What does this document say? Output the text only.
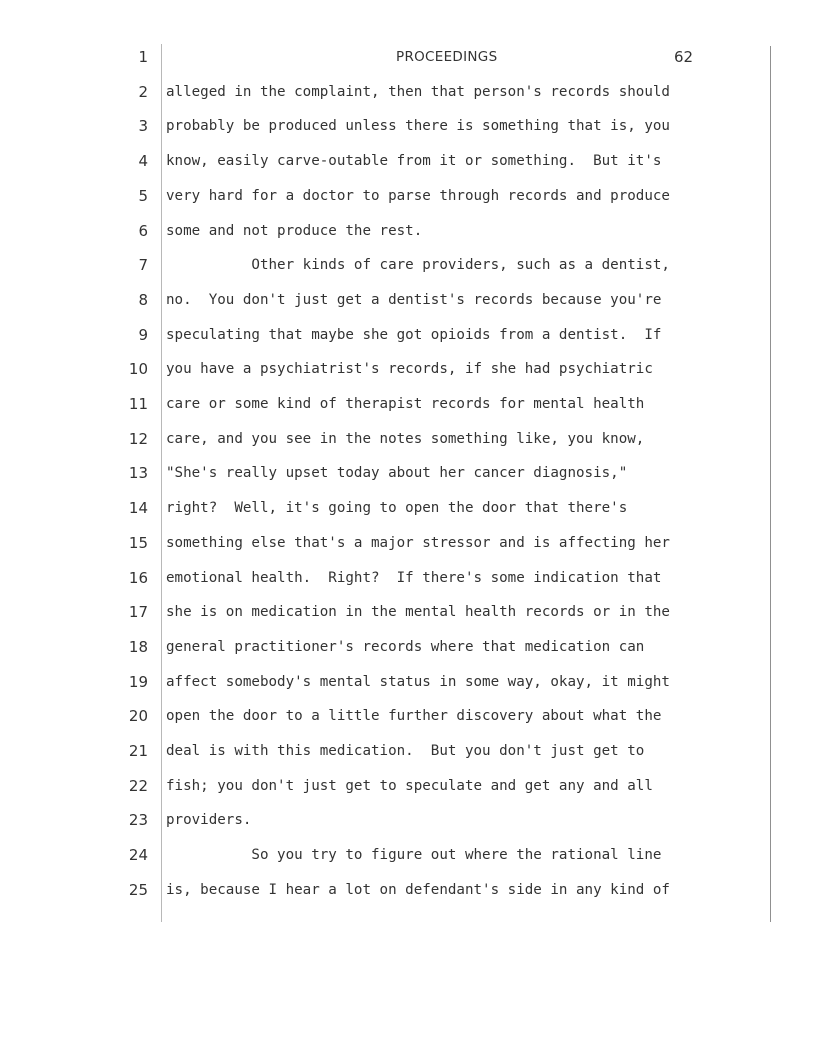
1	PROCEEDINGS	62
2 alleged in the complaint, then that person's records should
3 probably be produced unless there is something that is, you
4 know, easily carve-outable from it or something.  But it's
5 very hard for a doctor to parse through records and produce
6 some and not produce the rest.
7 Other kinds of care providers, such as a dentist,
8 no.  You don't just get a dentist's records because you're
9 speculating that maybe she got opioids from a dentist.  If
10 you have a psychiatrist's records, if she had psychiatric
11 care or some kind of therapist records for mental health
12 care, and you see in the notes something like, you know,
13 "She's really upset today about her cancer diagnosis,"
14 right?  Well, it's going to open the door that there's
15 something else that's a major stressor and is affecting her
16 emotional health.  Right?  If there's some indication that
17 she is on medication in the mental health records or in the
18 general practitioner's records where that medication can
19 affect somebody's mental status in some way, okay, it might
20 open the door to a little further discovery about what the
21 deal is with this medication.  But you don't just get to
22 fish; you don't just get to speculate and get any and all
23 providers.
24 So you try to figure out where the rational line
25 is, because I hear a lot on defendant's side in any kind of
